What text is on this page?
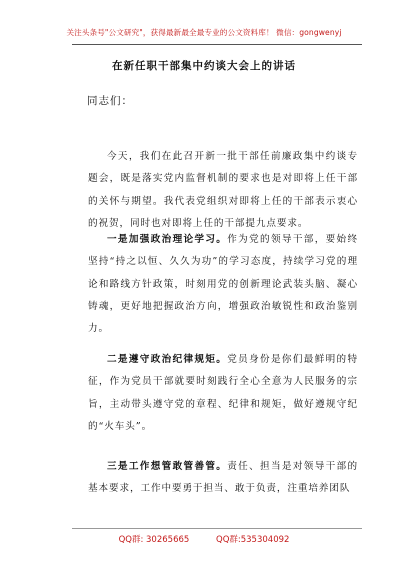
关注头条号"公文研究"，获得最新最全最专业的公文资料库！ 微信：gongwenyj
在新任职干部集中约谈大会上的讲话
同志们：
今天，我们在此召开新一批干部任前廉政集中约谈专题会，既是落实党内监督机制的要求也是对即将上任干部的关怀与期望。我代表党组织对即将上任的干部表示衷心的祝贺，同时也对即将上任的干部提九点要求。
一是加强政治理论学习。作为党的领导干部，要始终坚持“持之以恒、久久为功”的学习态度，持续学习党的理论和路线方针政策，时刻用党的创新理论武装头脑、凝心铸魂，更好地把握政治方向，增强政治敏锐性和政治鉴别力。
二是遵守政治纪律规矩。党员身份是你们最鲜明的特征，作为党员干部就要时刻践行全心全意为人民服务的宗旨，主动带头遵守党的章程、纪律和规矩，做好遵规守纪的“火车头”。
三是工作想管敢管善管。责任、担当是对领导干部的基本要求，工作中要勇于担当、敢于负责，注重培养团队
QQ群: 30265665	QQ群:535304092
